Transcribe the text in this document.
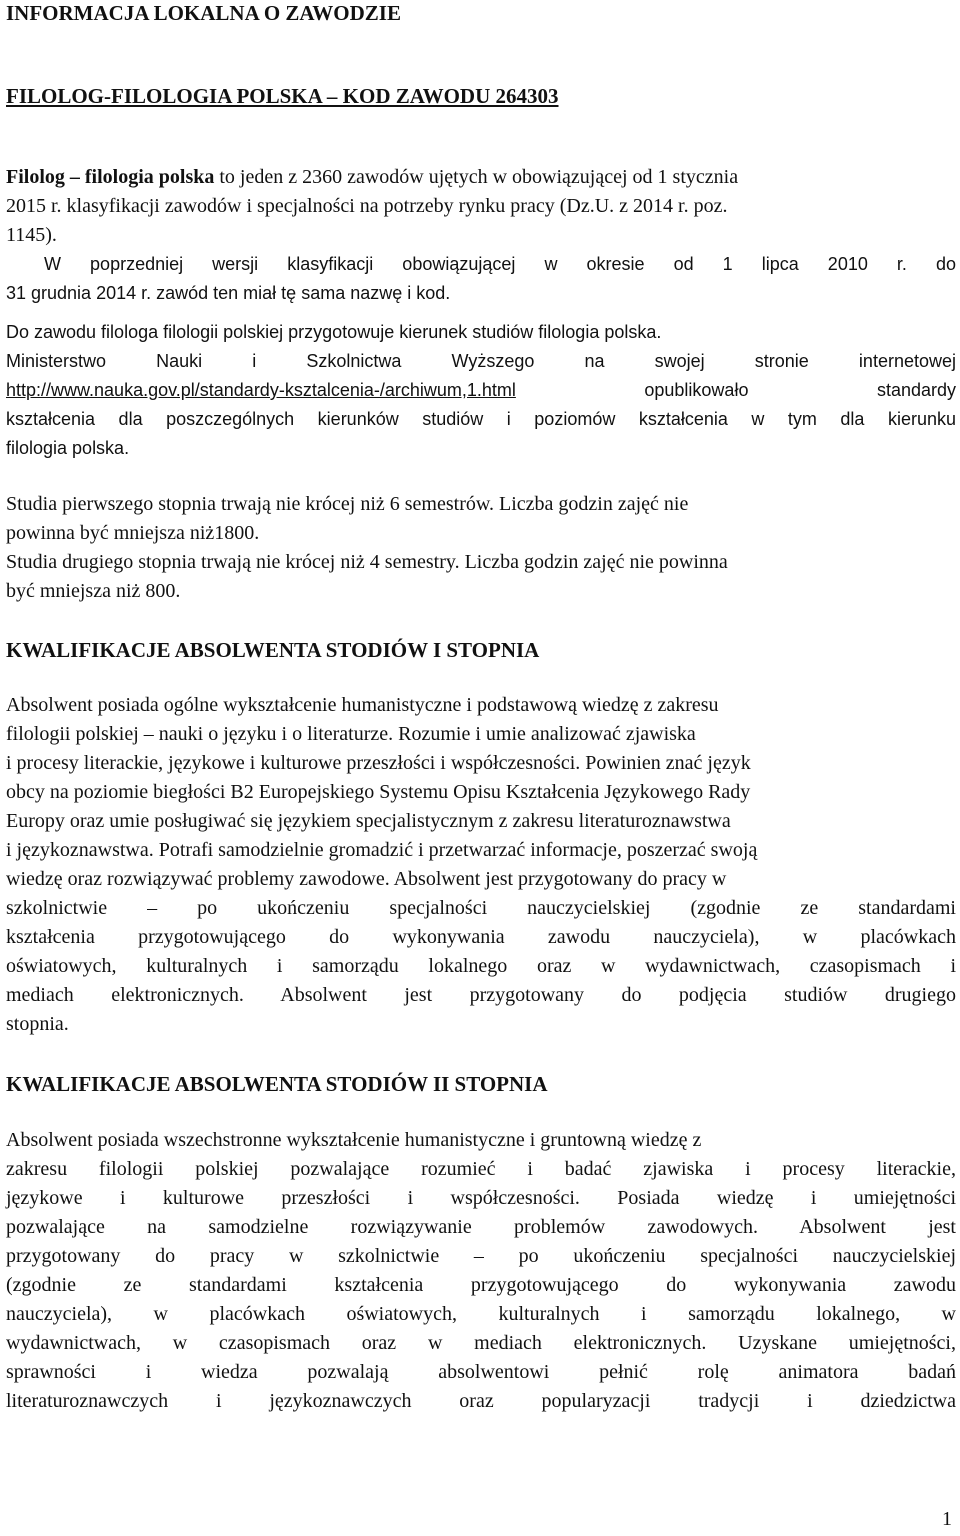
INFORMACJA LOKALNA O ZAWODZIE
FILOLOG-FILOLOGIA POLSKA – KOD ZAWODU 264303
Filolog – filologia polska to jeden z 2360 zawodów ujętych w obowiązującej od 1 stycznia
2015 r. klasyfikacji zawodów i specjalności na potrzeby rynku pracy (Dz.U. z 2014 r. poz.
1145).
W poprzedniej wersji klasyfikacji obowiązującej w okresie od 1 lipca 2010 r. do
31 grudnia 2014 r. zawód ten miał tę sama nazwę i kod.
Do zawodu filologa filologii polskiej przygotowuje kierunek studiów filologia polska.
Ministerstwo Nauki i Szkolnictwa Wyższego na swojej stronie internetowej
http://www.nauka.gov.pl/standardy-ksztalcenia-/archiwum,1.html opublikowało standardy
kształcenia dla poszczególnych kierunków studiów i poziomów kształcenia w tym dla kierunku
filologia polska.
Studia pierwszego stopnia trwają nie krócej niż 6 semestrów. Liczba godzin zajęć nie
powinna być mniejsza niż1800.
Studia drugiego stopnia trwają nie krócej niż 4 semestry. Liczba godzin zajęć nie powinna
być mniejsza niż 800.
KWALIFIKACJE ABSOLWENTA STODIÓW I STOPNIA
Absolwent posiada ogólne wykształcenie humanistyczne i podstawową wiedzę z zakresu
filologii polskiej – nauki o języku i o literaturze. Rozumie i umie analizować zjawiska
i procesy literackie, językowe i kulturowe przeszłości i współczesności. Powinien znać język
obcy na poziomie biegłości B2 Europejskiego Systemu Opisu Kształcenia Językowego Rady
Europy oraz umie posługiwać się językiem specjalistycznym z zakresu literaturoznawstwa
i językoznawstwa. Potrafi samodzielnie gromadzić i przetwarzać informacje, poszerzać swoją
wiedzę oraz rozwiązywać problemy zawodowe. Absolwent jest przygotowany do pracy w
szkolnictwie – po ukończeniu specjalności nauczycielskiej (zgodnie ze standardami
kształcenia przygotowującego do wykonywania zawodu nauczyciela), w placówkach
oświatowych, kulturalnych i samorządu lokalnego oraz w wydawnictwach, czasopismach i
mediach elektronicznych. Absolwent jest przygotowany do podjęcia studiów drugiego
stopnia.
KWALIFIKACJE ABSOLWENTA STODIÓW II STOPNIA
Absolwent posiada wszechstronne wykształcenie humanistyczne i gruntowną wiedzę z
zakresu filologii polskiej pozwalające rozumieć i badać zjawiska i procesy literackie,
językowe i kulturowe przeszłości i współczesności. Posiada wiedzę i umiejętności
pozwalające na samodzielne rozwiązywanie problemów zawodowych. Absolwent jest
przygotowany do pracy w szkolnictwie – po ukończeniu specjalności nauczycielskiej
(zgodnie ze standardami kształcenia przygotowującego do wykonywania zawodu
nauczyciela), w placówkach oświatowych, kulturalnych i samorządu lokalnego, w
wydawnictwach, w czasopismach oraz w mediach elektronicznych. Uzyskane umiejętności,
sprawności i wiedza pozwalają absolwentowi pełnić rolę animatora badań
literaturoznawczych i językoznawczych oraz popularyzacji tradycji i dziedzictwa
1
